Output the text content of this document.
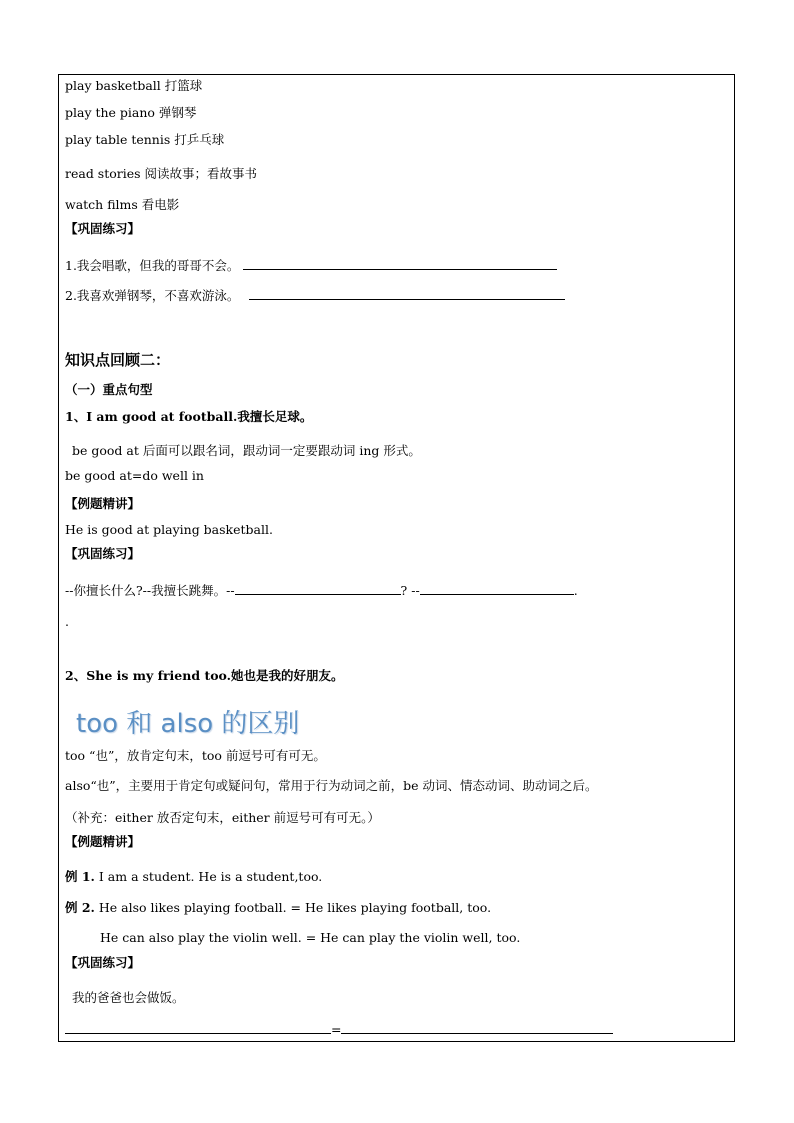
play basketball 打篮球
play the piano 弹钢琴
play table tennis 打乒乓球
read stories 阅读故事；看故事书
watch films 看电影
【巩固练习】
1.我会唱歌，但我的哥哥不会。
2.我喜欢弹钢琴，不喜欢游泳。
知识点回顾二：
（一）重点句型
1、I am good at football.我擅长足球。
be good at 后面可以跟名词，跟动词一定要跟动词 ing 形式。
be good at=do well in
【例题精讲】
He is good at playing basketball.
【巩固练习】
--你擅长什么?--我擅长跳舞。--	? --	.
.
2、She is my friend too.她也是我的好朋友。
too 和 also 的区别
too “也”，放肯定句末，too 前逗号可有可无。
also“也”，主要用于肯定句或疑问句，常用于行为动词之前，be 动词、情态动词、助动词之后。
（补充：either 放否定句末，either 前逗号可有可无。）
【例题精讲】
例 1. I am a student. He is a student,too.
例 2. He also likes playing football. = He likes playing football, too.
He can also play the violin well. = He can play the violin well, too.
【巩固练习】
我的爸爸也会做饭。
=
